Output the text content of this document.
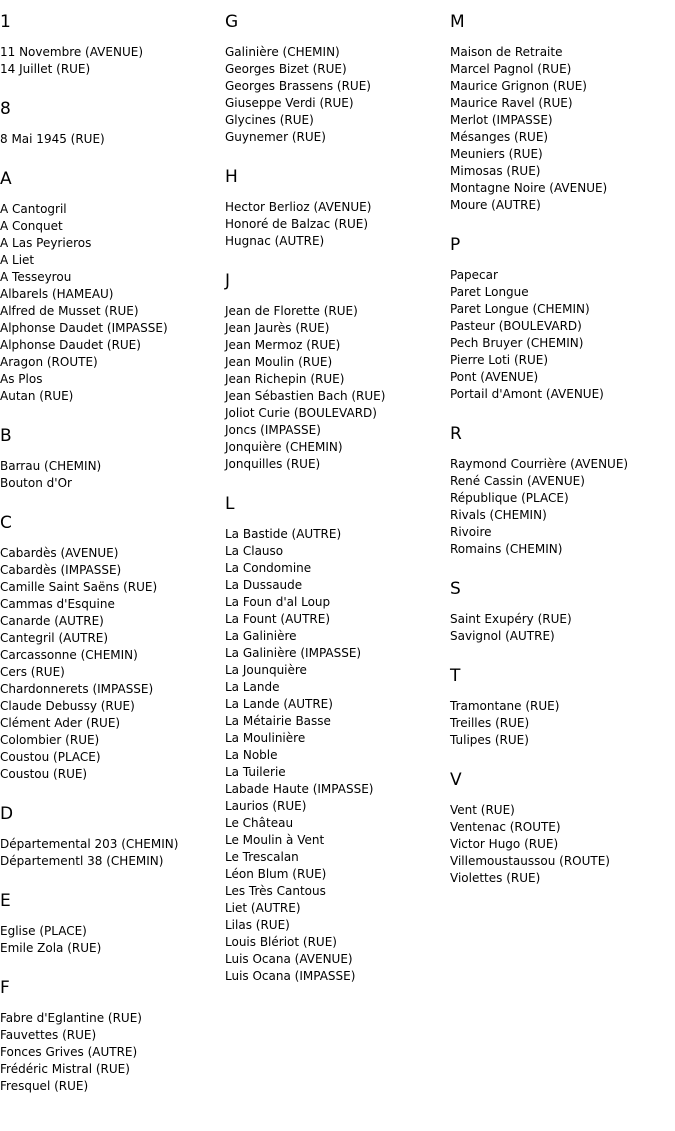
1
11 Novembre (AVENUE)
14 Juillet (RUE)
8
8 Mai 1945 (RUE)
A
A Cantogril
A Conquet
A Las Peyrieros
A Liet
A Tesseyrou
Albarels (HAMEAU)
Alfred de Musset (RUE)
Alphonse Daudet (IMPASSE)
Alphonse Daudet (RUE)
Aragon (ROUTE)
As Plos
Autan (RUE)
B
Barrau (CHEMIN)
Bouton d'Or
C
Cabardès (AVENUE)
Cabardès (IMPASSE)
Camille Saint Saëns (RUE)
Cammas d'Esquine
Canarde (AUTRE)
Cantegril (AUTRE)
Carcassonne (CHEMIN)
Cers (RUE)
Chardonnerets (IMPASSE)
Claude Debussy (RUE)
Clément Ader (RUE)
Colombier (RUE)
Coustou (PLACE)
Coustou (RUE)
D
Départemental 203 (CHEMIN)
Départementl 38 (CHEMIN)
E
Eglise (PLACE)
Emile Zola (RUE)
F
Fabre d'Eglantine (RUE)
Fauvettes (RUE)
Fonces Grives (AUTRE)
Frédéric Mistral (RUE)
Fresquel (RUE)
G
Galinière (CHEMIN)
Georges Bizet (RUE)
Georges Brassens (RUE)
Giuseppe Verdi (RUE)
Glycines (RUE)
Guynemer (RUE)
H
Hector Berlioz (AVENUE)
Honoré de Balzac (RUE)
Hugnac (AUTRE)
J
Jean de Florette (RUE)
Jean Jaurès (RUE)
Jean Mermoz (RUE)
Jean Moulin (RUE)
Jean Richepin (RUE)
Jean Sébastien Bach (RUE)
Joliot Curie (BOULEVARD)
Joncs (IMPASSE)
Jonquière (CHEMIN)
Jonquilles (RUE)
L
La Bastide (AUTRE)
La Clauso
La Condomine
La Dussaude
La Foun d'al Loup
La Fount (AUTRE)
La Galinière
La Galinière (IMPASSE)
La Jounquière
La Lande
La Lande (AUTRE)
La Métairie Basse
La Moulinière
La Noble
La Tuilerie
Labade Haute (IMPASSE)
Laurios (RUE)
Le Château
Le Moulin à Vent
Le Trescalan
Léon Blum (RUE)
Les Très Cantous
Liet (AUTRE)
Lilas (RUE)
Louis Blériot (RUE)
Luis Ocana (AVENUE)
Luis Ocana (IMPASSE)
M
Maison de Retraite
Marcel Pagnol (RUE)
Maurice Grignon (RUE)
Maurice Ravel (RUE)
Merlot (IMPASSE)
Mésanges (RUE)
Meuniers (RUE)
Mimosas (RUE)
Montagne Noire (AVENUE)
Moure (AUTRE)
P
Papecar
Paret Longue
Paret Longue (CHEMIN)
Pasteur (BOULEVARD)
Pech Bruyer (CHEMIN)
Pierre Loti (RUE)
Pont (AVENUE)
Portail d'Amont (AVENUE)
R
Raymond Courrière (AVENUE)
René Cassin (AVENUE)
République (PLACE)
Rivals (CHEMIN)
Rivoire
Romains (CHEMIN)
S
Saint Exupéry (RUE)
Savignol (AUTRE)
T
Tramontane (RUE)
Treilles (RUE)
Tulipes (RUE)
V
Vent (RUE)
Ventenac (ROUTE)
Victor Hugo (RUE)
Villemoustaussou (ROUTE)
Violettes (RUE)
